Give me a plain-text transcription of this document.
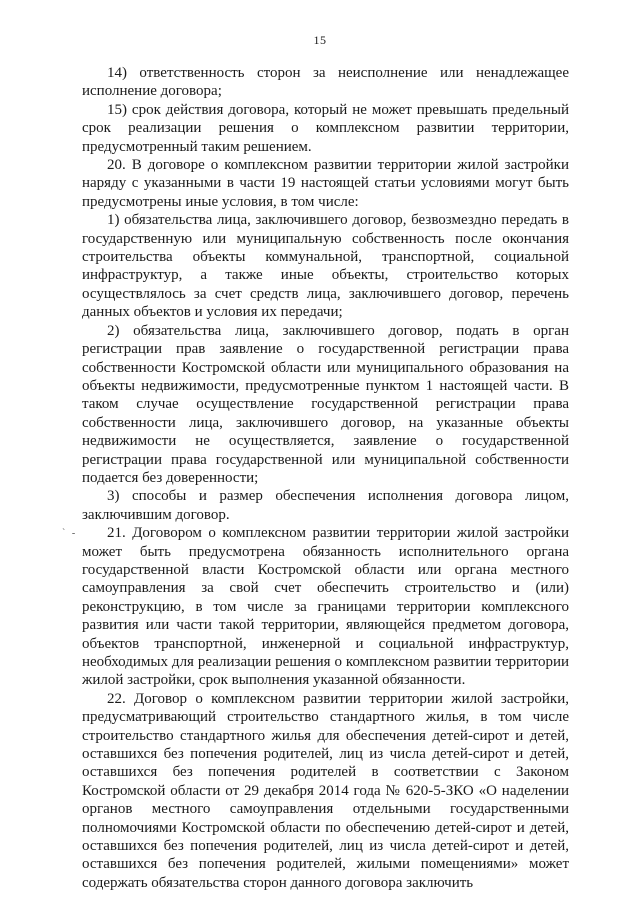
15
` -

14) ответственность сторон за неисполнение или ненадлежащее исполнение договора;

15) срок действия договора, который не может превышать предельный срок реализации решения о комплексном развитии территории, предусмотренный таким решением.

20. В договоре о комплексном развитии территории жилой застройки наряду с указанными в части 19 настоящей статьи условиями могут быть предусмотрены иные условия, в том числе:

1) обязательства лица, заключившего договор, безвозмездно передать в государственную или муниципальную собственность после окончания строительства объекты коммунальной, транспортной, социальной инфраструктур, а также иные объекты, строительство которых осуществлялось за счет средств лица, заключившего договор, перечень данных объектов и условия их передачи;

2) обязательства лица, заключившего договор, подать в орган регистрации прав заявление о государственной регистрации права собственности Костромской области или муниципального образования на объекты недвижимости, предусмотренные пунктом 1 настоящей части. В таком случае осуществление государственной регистрации права собственности лица, заключившего договор, на указанные объекты недвижимости не осуществляется, заявление о государственной регистрации права государственной или муниципальной собственности подается без доверенности;

3) способы и размер обеспечения исполнения договора лицом, заключившим договор.

21. Договором о комплексном развитии территории жилой застройки может быть предусмотрена обязанность исполнительного органа государственной власти Костромской области или органа местного самоуправления за свой счет обеспечить строительство и (или) реконструкцию, в том числе за границами территории комплексного развития или части такой территории, являющейся предметом договора, объектов транспортной, инженерной и социальной инфраструктур, необходимых для реализации решения о комплексном развитии территории жилой застройки, срок выполнения указанной обязанности.

22. Договор о комплексном развитии территории жилой застройки, предусматривающий строительство стандартного жилья, в том числе строительство стандартного жилья для обеспечения детей-сирот и детей, оставшихся без попечения родителей, лиц из числа детей-сирот и детей, оставшихся без попечения родителей в соответствии с Законом Костромской области от 29 декабря 2014 года № 620-5-ЗКО «О наделении органов местного самоуправления отдельными государственными полномочиями Костромской области по обеспечению детей-сирот и детей, оставшихся без попечения родителей, лиц из числа детей-сирот и детей, оставшихся без попечения родителей, жилыми помещениями» может содержать обязательства сторон данного договора заключить
